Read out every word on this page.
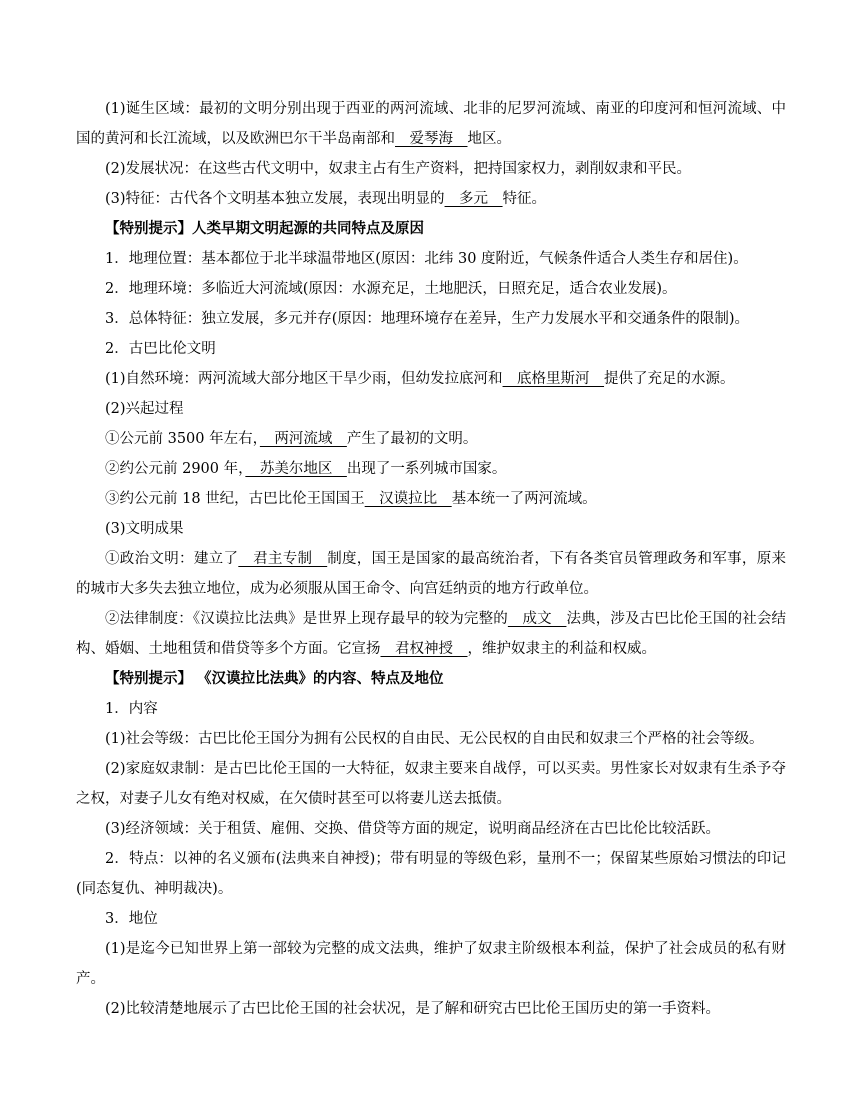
(1)诞生区域：最初的文明分别出现于西亚的两河流域、北非的尼罗河流域、南亚的印度河和恒河流域、中国的黄河和长江流域，以及欧洲巴尔干半岛南部和　爱琴海　地区。

(2)发展状况：在这些古代文明中，奴隶主占有生产资料，把持国家权力，剥削奴隶和平民。

(3)特征：古代各个文明基本独立发展，表现出明显的　多元　特征。

【特别提示】人类早期文明起源的共同特点及原因

1．地理位置：基本都位于北半球温带地区(原因：北纬 30 度附近，气候条件适合人类生存和居住)。

2．地理环境：多临近大河流域(原因：水源充足，土地肥沃，日照充足，适合农业发展)。

3．总体特征：独立发展，多元并存(原因：地理环境存在差异，生产力发展水平和交通条件的限制)。

2．古巴比伦文明

(1)自然环境：两河流域大部分地区干旱少雨，但幼发拉底河和　底格里斯河　提供了充足的水源。

(2)兴起过程

①公元前 3500 年左右，　两河流域　产生了最初的文明。

②约公元前 2900 年，　苏美尔地区　出现了一系列城市国家。

③约公元前 18 世纪，古巴比伦王国国王　汉谟拉比　基本统一了两河流域。

(3)文明成果

①政治文明：建立了　君主专制　制度，国王是国家的最高统治者，下有各类官员管理政务和军事，原来的城市大多失去独立地位，成为必须服从国王命令、向宫廷纳贡的地方行政单位。

②法律制度：《汉谟拉比法典》是世界上现存最早的较为完整的　成文　法典，涉及古巴比伦王国的社会结构、婚姻、土地租赁和借贷等多个方面。它宣扬　君权神授　，维护奴隶主的利益和权威。

【特别提示】 《汉谟拉比法典》的内容、特点及地位

1．内容

(1)社会等级：古巴比伦王国分为拥有公民权的自由民、无公民权的自由民和奴隶三个严格的社会等级。

(2)家庭奴隶制：是古巴比伦王国的一大特征，奴隶主要来自战俘，可以买卖。男性家长对奴隶有生杀予夺之权，对妻子儿女有绝对权威，在欠债时甚至可以将妻儿送去抵债。

(3)经济领域：关于租赁、雇佣、交换、借贷等方面的规定，说明商品经济在古巴比伦比较活跃。

2．特点：以神的名义颁布(法典来自神授)；带有明显的等级色彩，量刑不一；保留某些原始习惯法的印记(同态复仇、神明裁决)。

3．地位

(1)是迄今已知世界上第一部较为完整的成文法典，维护了奴隶主阶级根本利益，保护了社会成员的私有财产。

(2)比较清楚地展示了古巴比伦王国的社会状况，是了解和研究古巴比伦王国历史的第一手资料。
